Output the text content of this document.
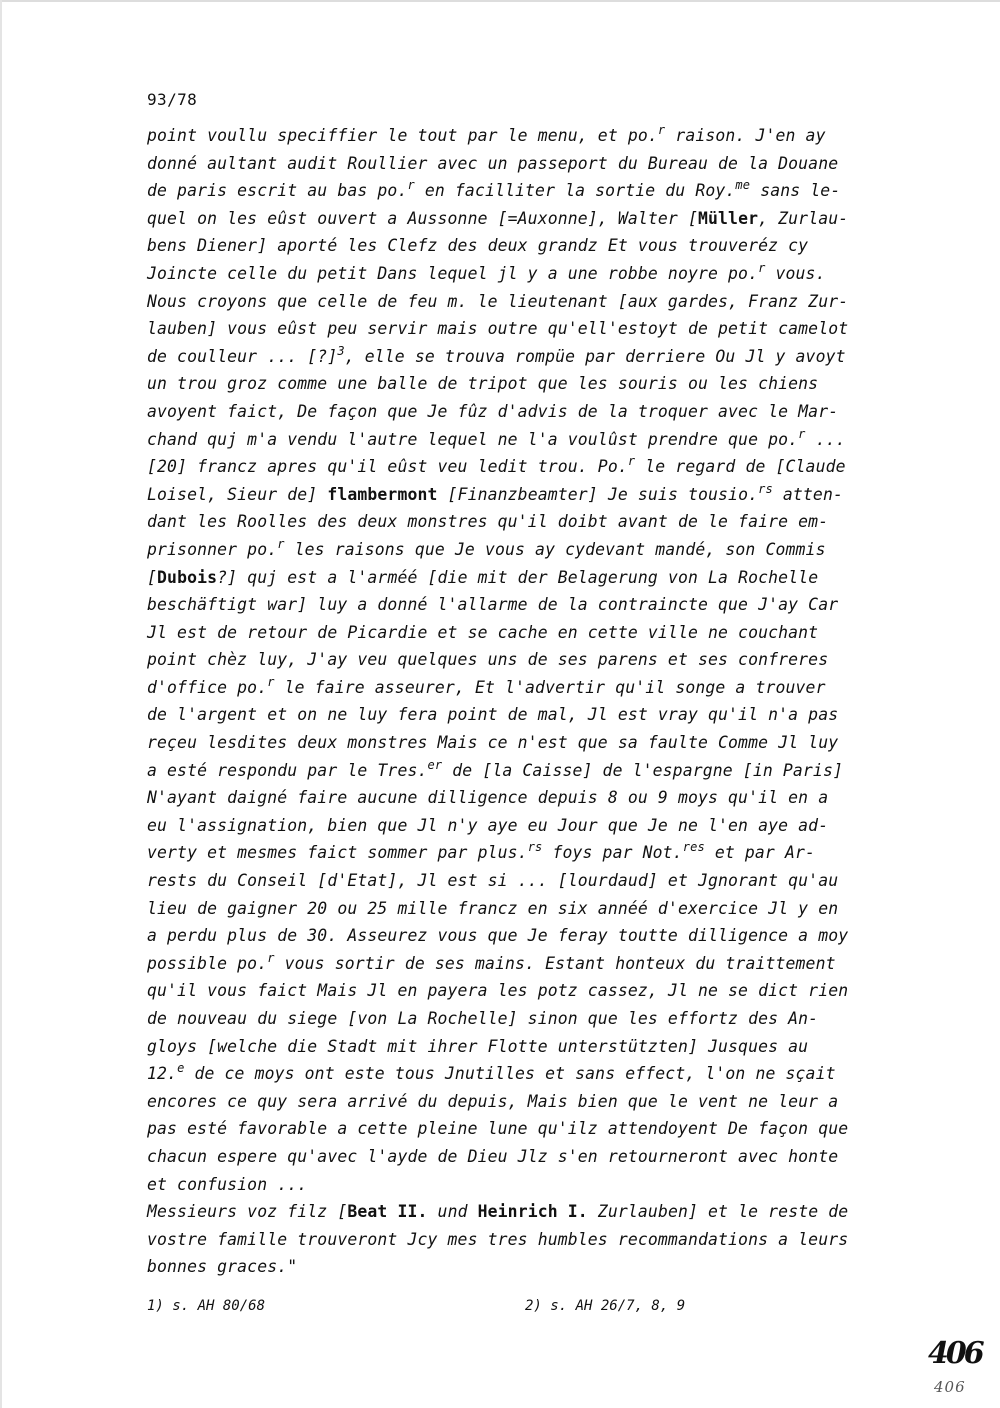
93/78
point voullu speciffier le tout par le menu, et po.$^r$ raison. J'en ay
donné aultant audit Roullier avec un passeport du Bureau de la Douane
de paris escrit au bas po.$^r$ en facilliter la sortie du Roy.$^{me}$ sans le-
quel on les eûst ouvert a Aussonne [=Auxonne], Walter [Müller, Zurlau-
bens Diener] aporté les Clefz des deux grandz Et vous trouveréz cy
Joincte celle du petit Dans lequel jl y a une robbe noyre po.$^r$ vous.
Nous croyons que celle de feu m. le lieutenant [aux gardes, Franz Zur-
lauben] vous eûst peu servir mais outre qu'ell'estoyt de petit camelot
de coulleur ... [?]$^3$, elle se trouva rompüe par derriere Ou Jl y avoyt
un trou groz comme une balle de tripot que les souris ou les chiens
avoyent faict, De façon que Je fûz d'advis de la troquer avec le Mar-
chand quj m'a vendu l'autre lequel ne l'a voulûst prendre que po.$^r$ ...
[20] francz apres qu'il eûst veu ledit trou. Po.$^r$ le regard de [Claude
Loisel, Sieur de] flambermont [Finanzbeamter] Je suis tousio.$^{rs}$ atten-
dant les Roolles des deux monstres qu'il doibt avant de le faire em-
prisonner po.$^r$ les raisons que Je vous ay cydevant mandé, son Commis
[Dubois?] quj est a l'arméé [die mit der Belagerung von La Rochelle
beschäftigt war] luy a donné l'allarme de la contraincte que J'ay Car
Jl est de retour de Picardie et se cache en cette ville ne couchant
point chèz luy, J'ay veu quelques uns de ses parens et ses confreres
d'office po.$^r$ le faire asseurer, Et l'advertir qu'il songe a trouver
de l'argent et on ne luy fera point de mal, Jl est vray qu'il n'a pas
reçeu lesdites deux monstres Mais ce n'est que sa faulte Comme Jl luy
a esté respondu par le Tres.$^{er}$ de [la Caisse] de l'espargne [in Paris]
N'ayant daigné faire aucune dilligence depuis 8 ou 9 moys qu'il en a
eu l'assignation, bien que Jl n'y aye eu Jour que Je ne l'en aye ad-
verty et mesmes faict sommer par plus.$^{rs}$ foys par Not.$^{res}$ et par Ar-
rests du Conseil [d'Etat], Jl est si ... [lourdaud] et Jgnorant qu'au
lieu de gaigner 20 ou 25 mille francz en six annéé d'exercice Jl y en
a perdu plus de 30. Asseurez vous que Je feray toutte dilligence a moy
possible po.$^r$ vous sortir de ses mains. Estant honteux du traittement
qu'il vous faict Mais Jl en payera les potz cassez, Jl ne se dict rien
de nouveau du siege [von La Rochelle] sinon que les effortz des An-
gloys [welche die Stadt mit ihrer Flotte unterstützten] Jusques au
12.$^e$ de ce moys ont este tous Jnutilles et sans effect, l'on ne sçait
encores ce quy sera arrivé du depuis, Mais bien que le vent ne leur a
pas esté favorable a cette pleine lune qu'ilz attendoyent De façon que
chacun espere qu'avec l'ayde de Dieu Jlz s'en retourneront avec honte
et confusion ...
Messieurs voz filz [Beat II. und Heinrich I. Zurlauben] et le reste de
vostre famille trouveront Jcy mes tres humbles recommandations a leurs
bonnes graces."
1) s. AH 80/68	2) s. AH 26/7, 8, 9
406
406
